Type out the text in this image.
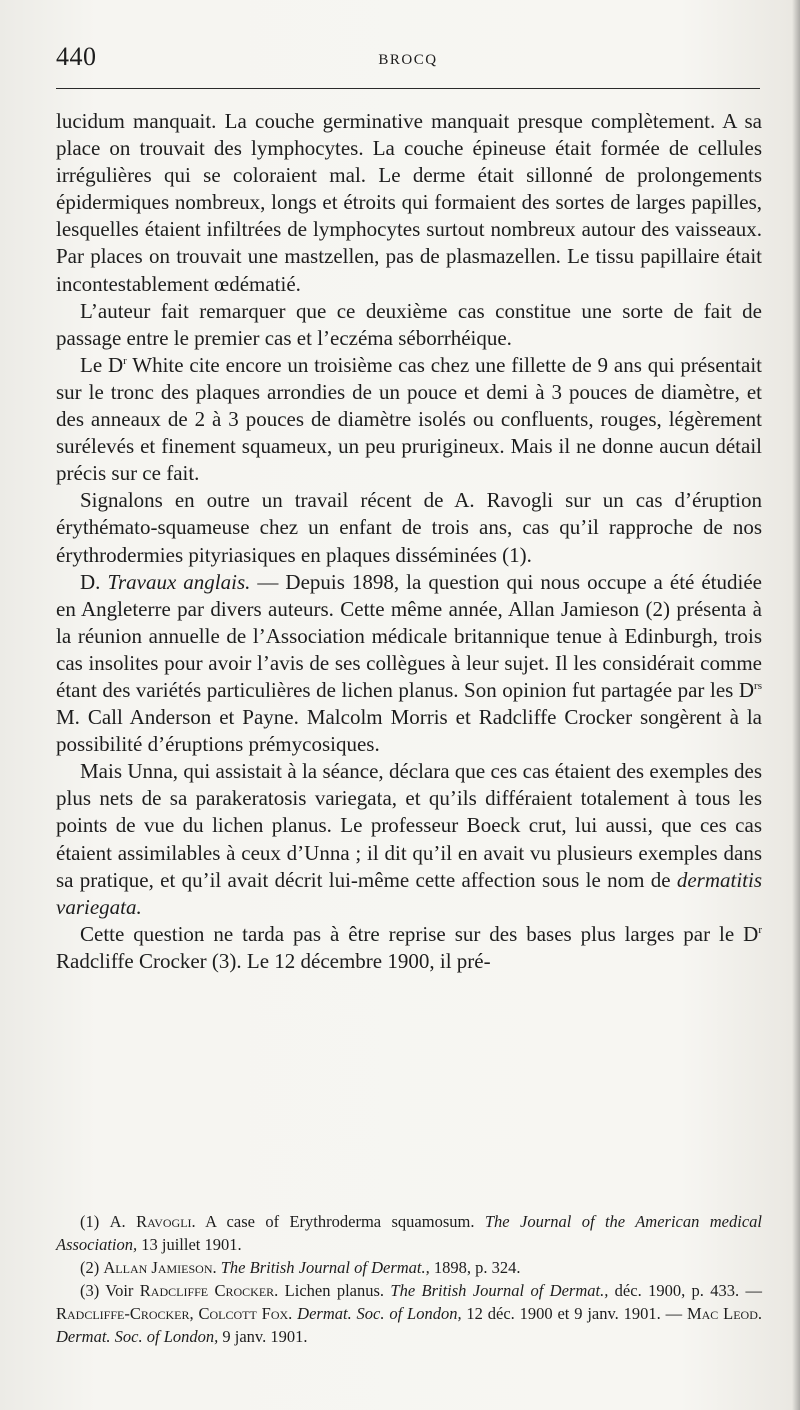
440	BROCQ

lucidum manquait. La couche germinative manquait presque complètement. A sa place on trouvait des lymphocytes. La couche épineuse était formée de cellules irrégulières qui se coloraient mal. Le derme était sillonné de prolongements épidermiques nombreux, longs et étroits qui formaient des sortes de larges papilles, lesquelles étaient infiltrées de lymphocytes surtout nombreux autour des vaisseaux. Par places on trouvait une mastzellen, pas de plasmazellen. Le tissu papillaire était incontestablement œdématié.

L’auteur fait remarquer que ce deuxième cas constitue une sorte de fait de passage entre le premier cas et l’eczéma séborrhéique.

Le $D^r$ White cite encore un troisième cas chez une fillette de 9 ans qui présentait sur le tronc des plaques arrondies de un pouce et demi à 3 pouces de diamètre, et des anneaux de 2 à 3 pouces de diamètre isolés ou confluents, rouges, légèrement surélevés et finement squameux, un peu prurigineux. Mais il ne donne aucun détail précis sur ce fait.

Signalons en outre un travail récent de A. Ravogli sur un cas d’éruption érythémato-squameuse chez un enfant de trois ans, cas qu’il rapproche de nos érythrodermies pityriasiques en plaques disséminées (1).

D. Travaux anglais. — Depuis 1898, la question qui nous occupe a été étudiée en Angleterre par divers auteurs. Cette même année, Allan Jamieson (2) présenta à la réunion annuelle de l’Association médicale britannique tenue à Edinburgh, trois cas insolites pour avoir l’avis de ses collègues à leur sujet. Il les considérait comme étant des variétés particulières de lichen planus. Son opinion fut partagée par les $D^{rs}$ M. Call Anderson et Payne. Malcolm Morris et Radcliffe Crocker songèrent à la possibilité d’éruptions prémycosiques.

Mais Unna, qui assistait à la séance, déclara que ces cas étaient des exemples des plus nets de sa parakeratosis variegata, et qu’ils différaient totalement à tous les points de vue du lichen planus. Le professeur Boeck crut, lui aussi, que ces cas étaient assimilables à ceux d’Unna ; il dit qu’il en avait vu plusieurs exemples dans sa pratique, et qu’il avait décrit lui-même cette affection sous le nom de dermatitis variegata.

Cette question ne tarda pas à être reprise sur des bases plus larges par le $D^r$ Radcliffe Crocker (3). Le 12 décembre 1900, il pré-

(1) A. Ravogli. A case of Erythroderma squamosum. The Journal of the American medical Association, 13 juillet 1901.

(2) Allan Jamieson. The British Journal of Dermat., 1898, p. 324.

(3) Voir Radcliffe Crocker. Lichen planus. The British Journal of Dermat., déc. 1900, p. 433. — Radcliffe-Crocker, Colcott Fox. Dermat. Soc. of London, 12 déc. 1900 et 9 janv. 1901. — Mac Leod. Dermat. Soc. of London, 9 janv. 1901.
